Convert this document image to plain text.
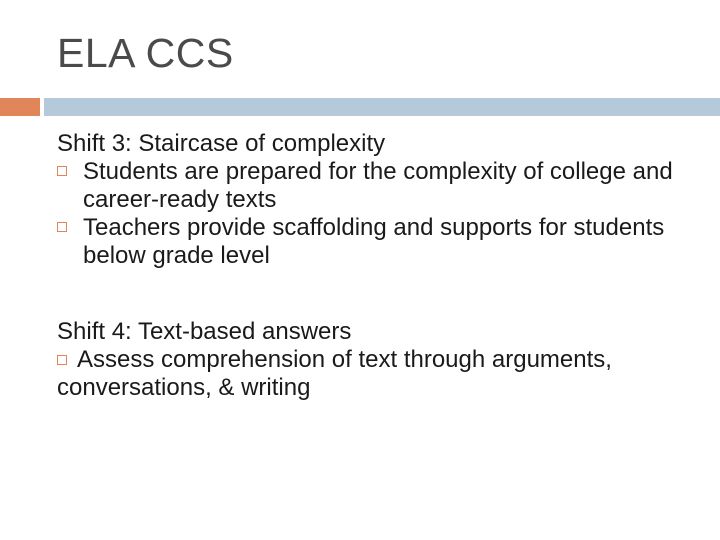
ELA CCS

Shift 3: Staircase of complexity

Students are prepared for the complexity of college and career-ready texts

Teachers provide scaffolding and supports for students below grade level

Shift 4: Text-based answers

Assess comprehension of text through arguments, conversations, & writing
